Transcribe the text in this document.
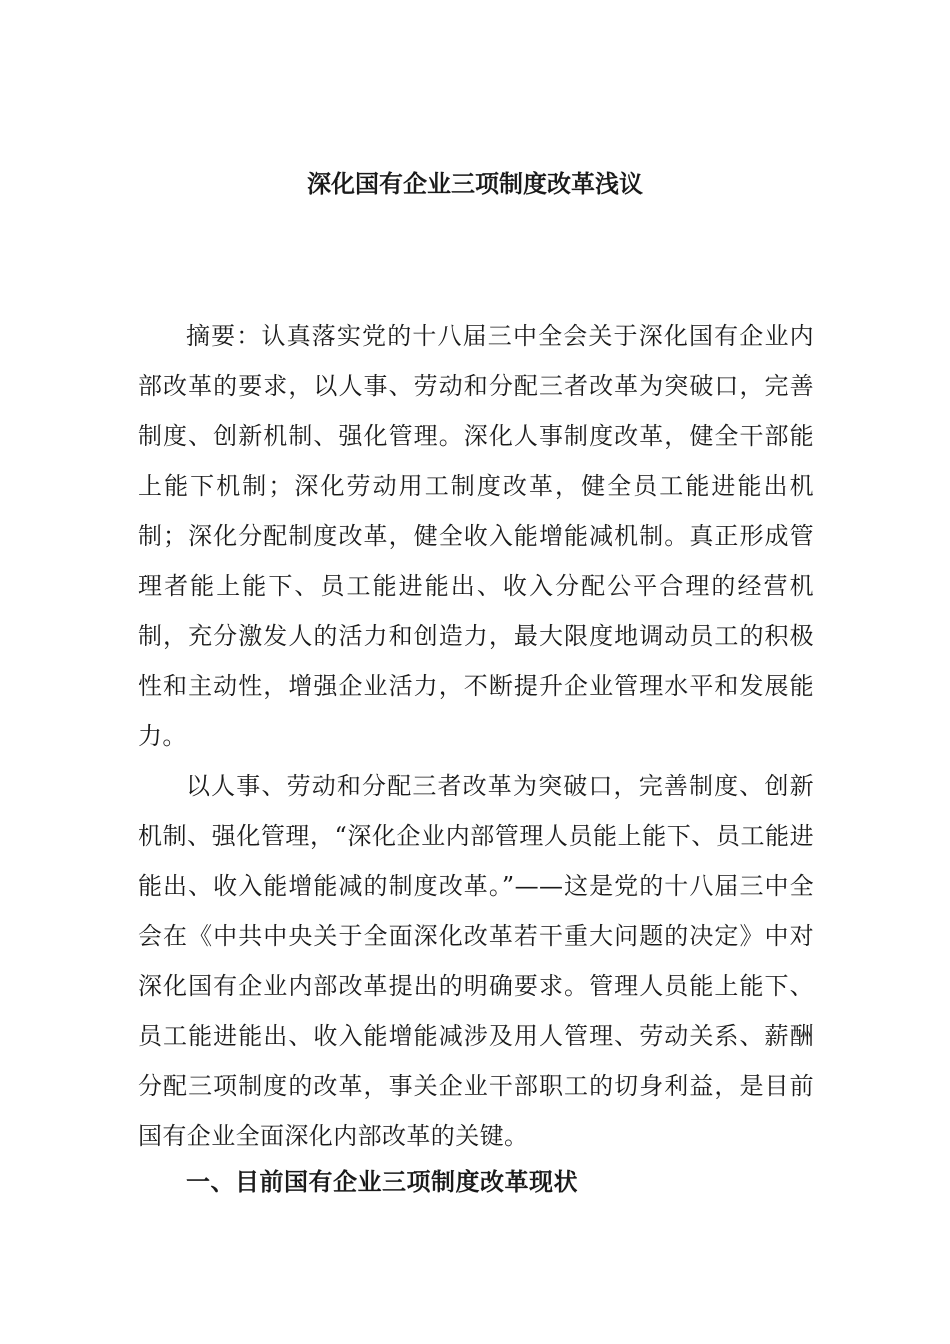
深化国有企业三项制度改革浅议

摘要：认真落实党的十八届三中全会关于深化国有企业内部改革的要求，以人事、劳动和分配三者改革为突破口，完善制度、创新机制、强化管理。深化人事制度改革，健全干部能上能下机制；深化劳动用工制度改革，健全员工能进能出机制；深化分配制度改革，健全收入能增能减机制。真正形成管理者能上能下、员工能进能出、收入分配公平合理的经营机制，充分激发人的活力和创造力，最大限度地调动员工的积极性和主动性，增强企业活力，不断提升企业管理水平和发展能力。

以人事、劳动和分配三者改革为突破口，完善制度、创新机制、强化管理，“深化企业内部管理人员能上能下、员工能进能出、收入能增能减的制度改革。”——这是党的十八届三中全会在《中共中央关于全面深化改革若干重大问题的决定》中对深化国有企业内部改革提出的明确要求。管理人员能上能下、员工能进能出、收入能增能减涉及用人管理、劳动关系、薪酬分配三项制度的改革，事关企业干部职工的切身利益，是目前国有企业全面深化内部改革的关键。

一、目前国有企业三项制度改革现状
